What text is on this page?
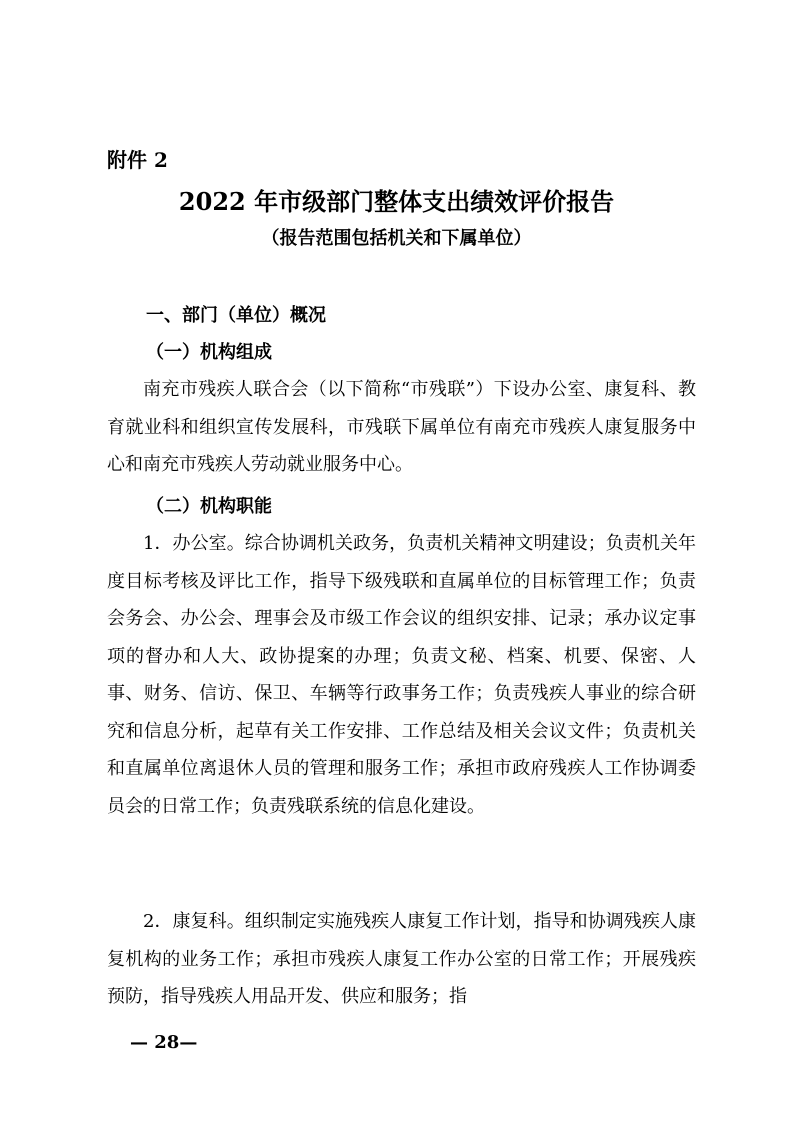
附件 2
2022 年市级部门整体支出绩效评价报告
（报告范围包括机关和下属单位）
一、部门（单位）概况
（一）机构组成

南充市残疾人联合会（以下简称“市残联”）下设办公室、康复科、教育就业科和组织宣传发展科，市残联下属单位有南充市残疾人康复服务中心和南充市残疾人劳动就业服务中心。

（二）机构职能

1．办公室。综合协调机关政务，负责机关精神文明建设；负责机关年度目标考核及评比工作，指导下级残联和直属单位的目标管理工作；负责会务会、办公会、理事会及市级工作会议的组织安排、记录；承办议定事项的督办和人大、政协提案的办理；负责文秘、档案、机要、保密、人事、财务、信访、保卫、车辆等行政事务工作；负责残疾人事业的综合研究和信息分析，起草有关工作安排、工作总结及相关会议文件；负责机关和直属单位离退休人员的管理和服务工作；承担市政府残疾人工作协调委员会的日常工作；负责残联系统的信息化建设。

2．康复科。组织制定实施残疾人康复工作计划，指导和协调残疾人康复机构的业务工作；承担市残疾人康复工作办公室的日常工作；开展残疾预防，指导残疾人用品开发、供应和服务；指

— 28—
